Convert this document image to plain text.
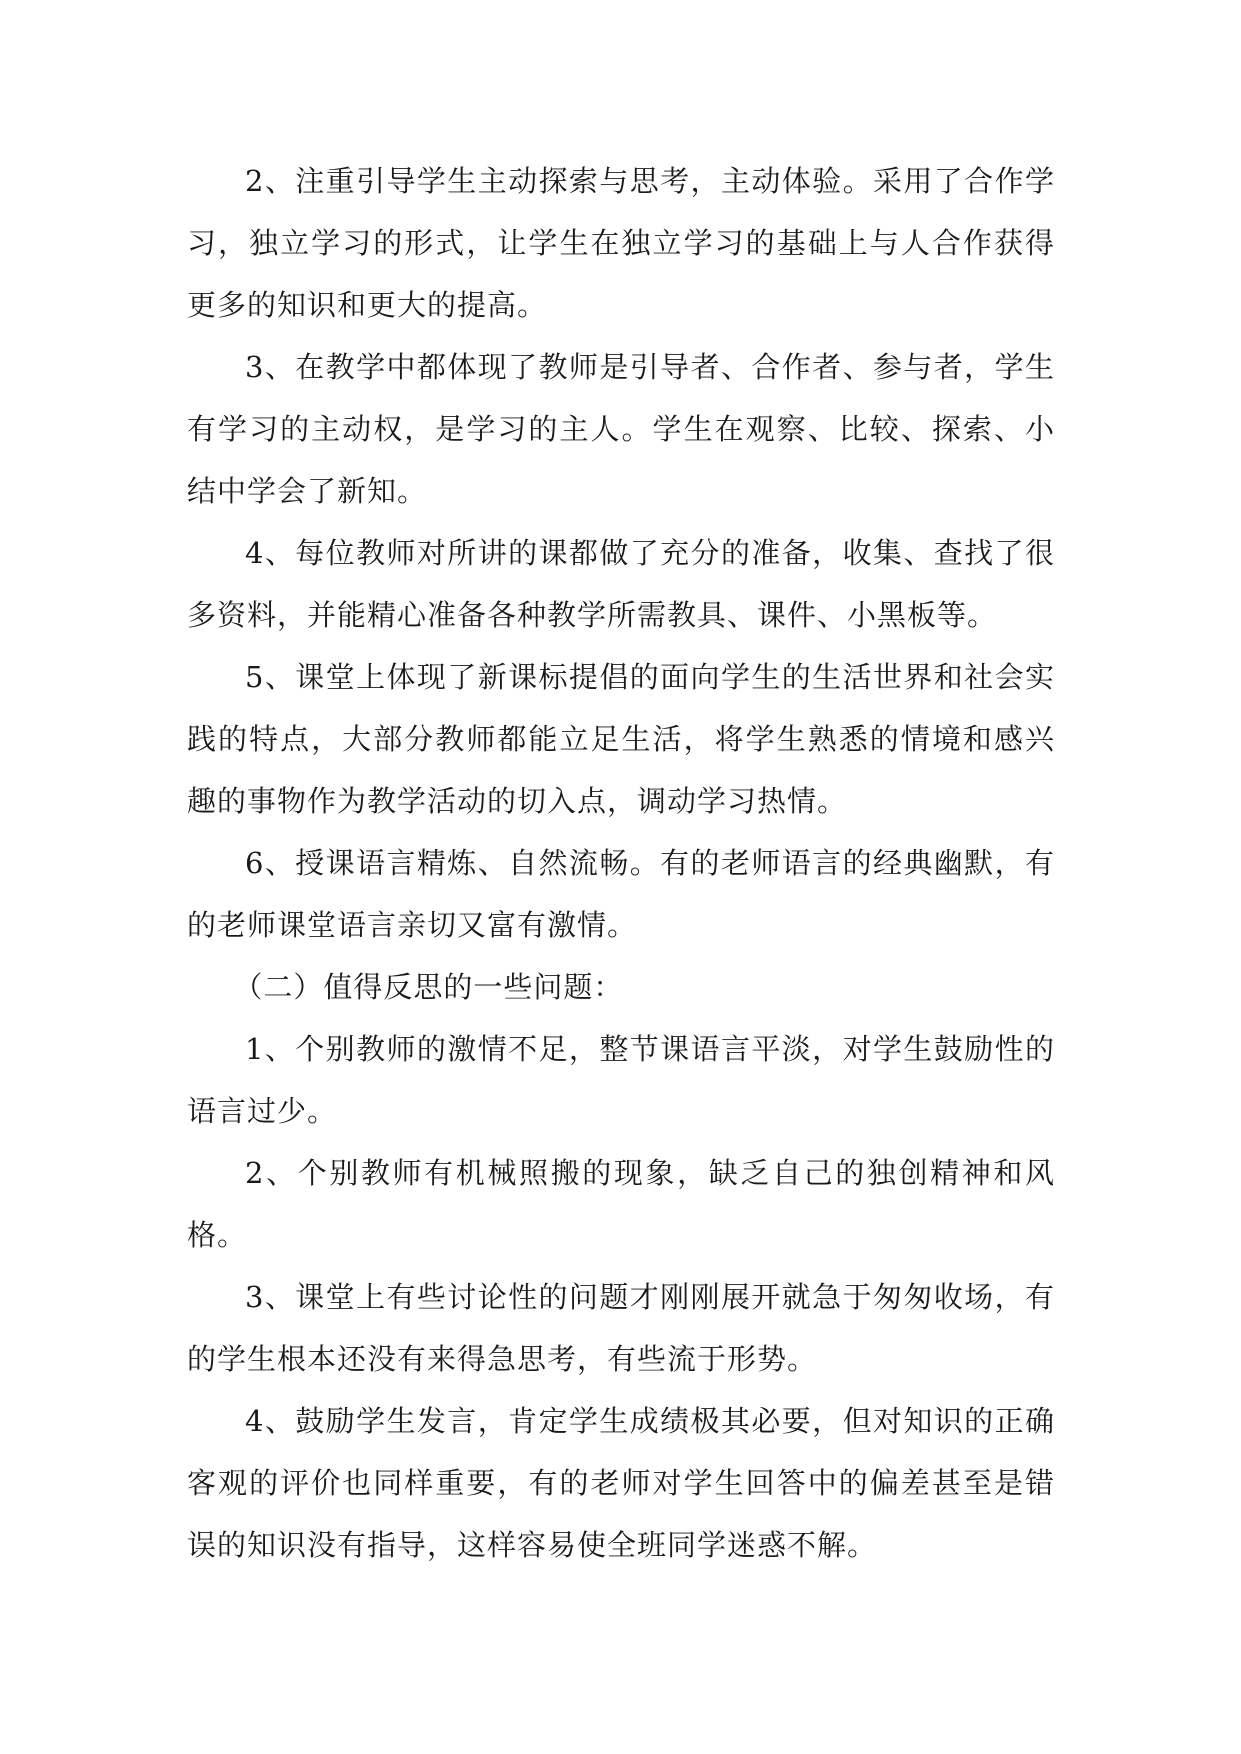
2、注重引导学生主动探索与思考，主动体验。采用了合作学习，独立学习的形式，让学生在独立学习的基础上与人合作获得更多的知识和更大的提高。

3、在教学中都体现了教师是引导者、合作者、参与者，学生有学习的主动权，是学习的主人。学生在观察、比较、探索、小结中学会了新知。

4、每位教师对所讲的课都做了充分的准备，收集、查找了很多资料，并能精心准备各种教学所需教具、课件、小黑板等。

5、课堂上体现了新课标提倡的面向学生的生活世界和社会实践的特点，大部分教师都能立足生活，将学生熟悉的情境和感兴趣的事物作为教学活动的切入点，调动学习热情。

6、授课语言精炼、自然流畅。有的老师语言的经典幽默，有的老师课堂语言亲切又富有激情。

（二）值得反思的一些问题：

1、个别教师的激情不足，整节课语言平淡，对学生鼓励性的语言过少。

2、个别教师有机械照搬的现象，缺乏自己的独创精神和风格。

3、课堂上有些讨论性的问题才刚刚展开就急于匆匆收场，有的学生根本还没有来得急思考，有些流于形势。

4、鼓励学生发言，肯定学生成绩极其必要，但对知识的正确客观的评价也同样重要，有的老师对学生回答中的偏差甚至是错误的知识没有指导，这样容易使全班同学迷惑不解。
